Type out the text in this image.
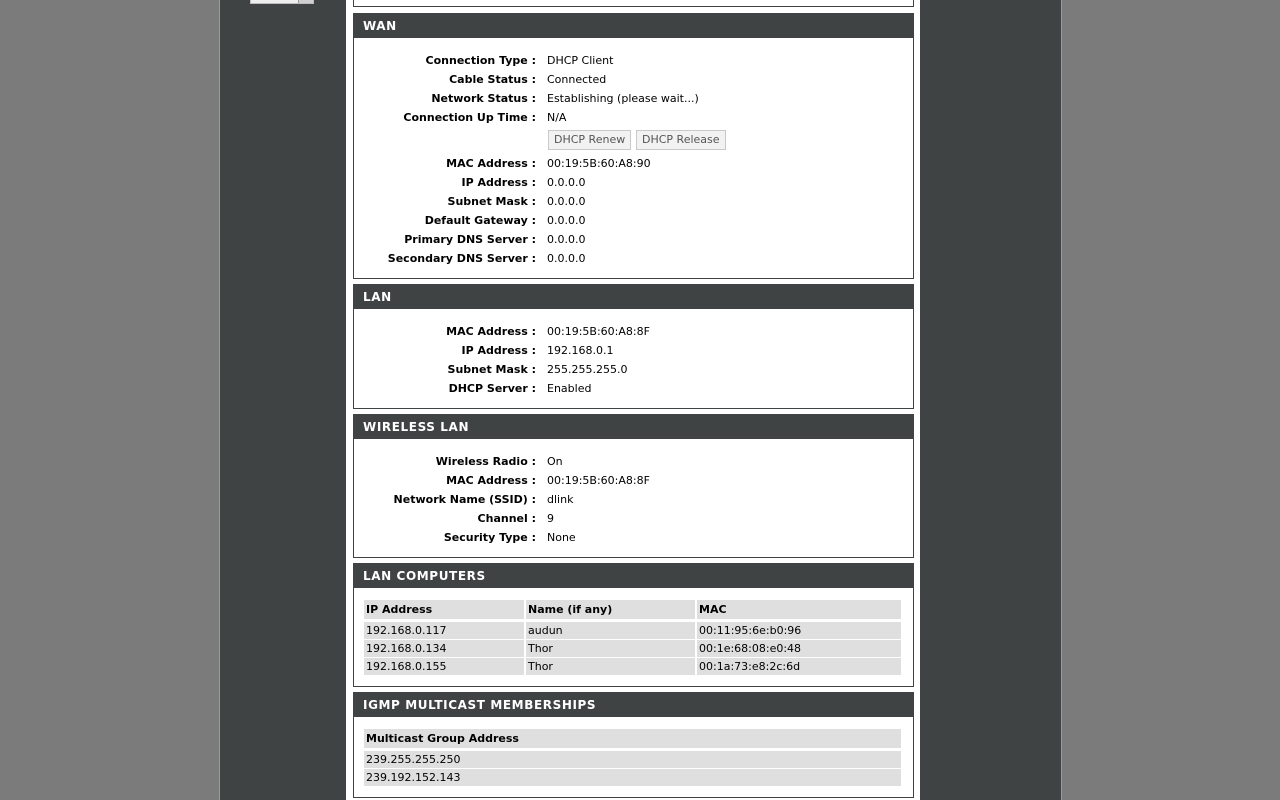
WAN
Connection Type : DHCP Client
Cable Status : Connected
Network Status : Establishing (please wait...)
Connection Up Time : N/A
DHCP Renew	DHCP Release
MAC Address : 00:19:5B:60:A8:90
IP Address : 0.0.0.0
Subnet Mask : 0.0.0.0
Default Gateway : 0.0.0.0
Primary DNS Server : 0.0.0.0
Secondary DNS Server : 0.0.0.0
LAN
MAC Address : 00:19:5B:60:A8:8F
IP Address : 192.168.0.1
Subnet Mask : 255.255.255.0
DHCP Server : Enabled
WIRELESS LAN
Wireless Radio : On
MAC Address : 00:19:5B:60:A8:8F
Network Name (SSID) : dlink
Channel : 9
Security Type : None
LAN COMPUTERS
IP Address	Name (if any)	MAC
192.168.0.117	audun	00:11:95:6e:b0:96
192.168.0.134	Thor	00:1e:68:08:e0:48
192.168.0.155	Thor	00:1a:73:e8:2c:6d
IGMP MULTICAST MEMBERSHIPS
Multicast Group Address
239.255.255.250
239.192.152.143
